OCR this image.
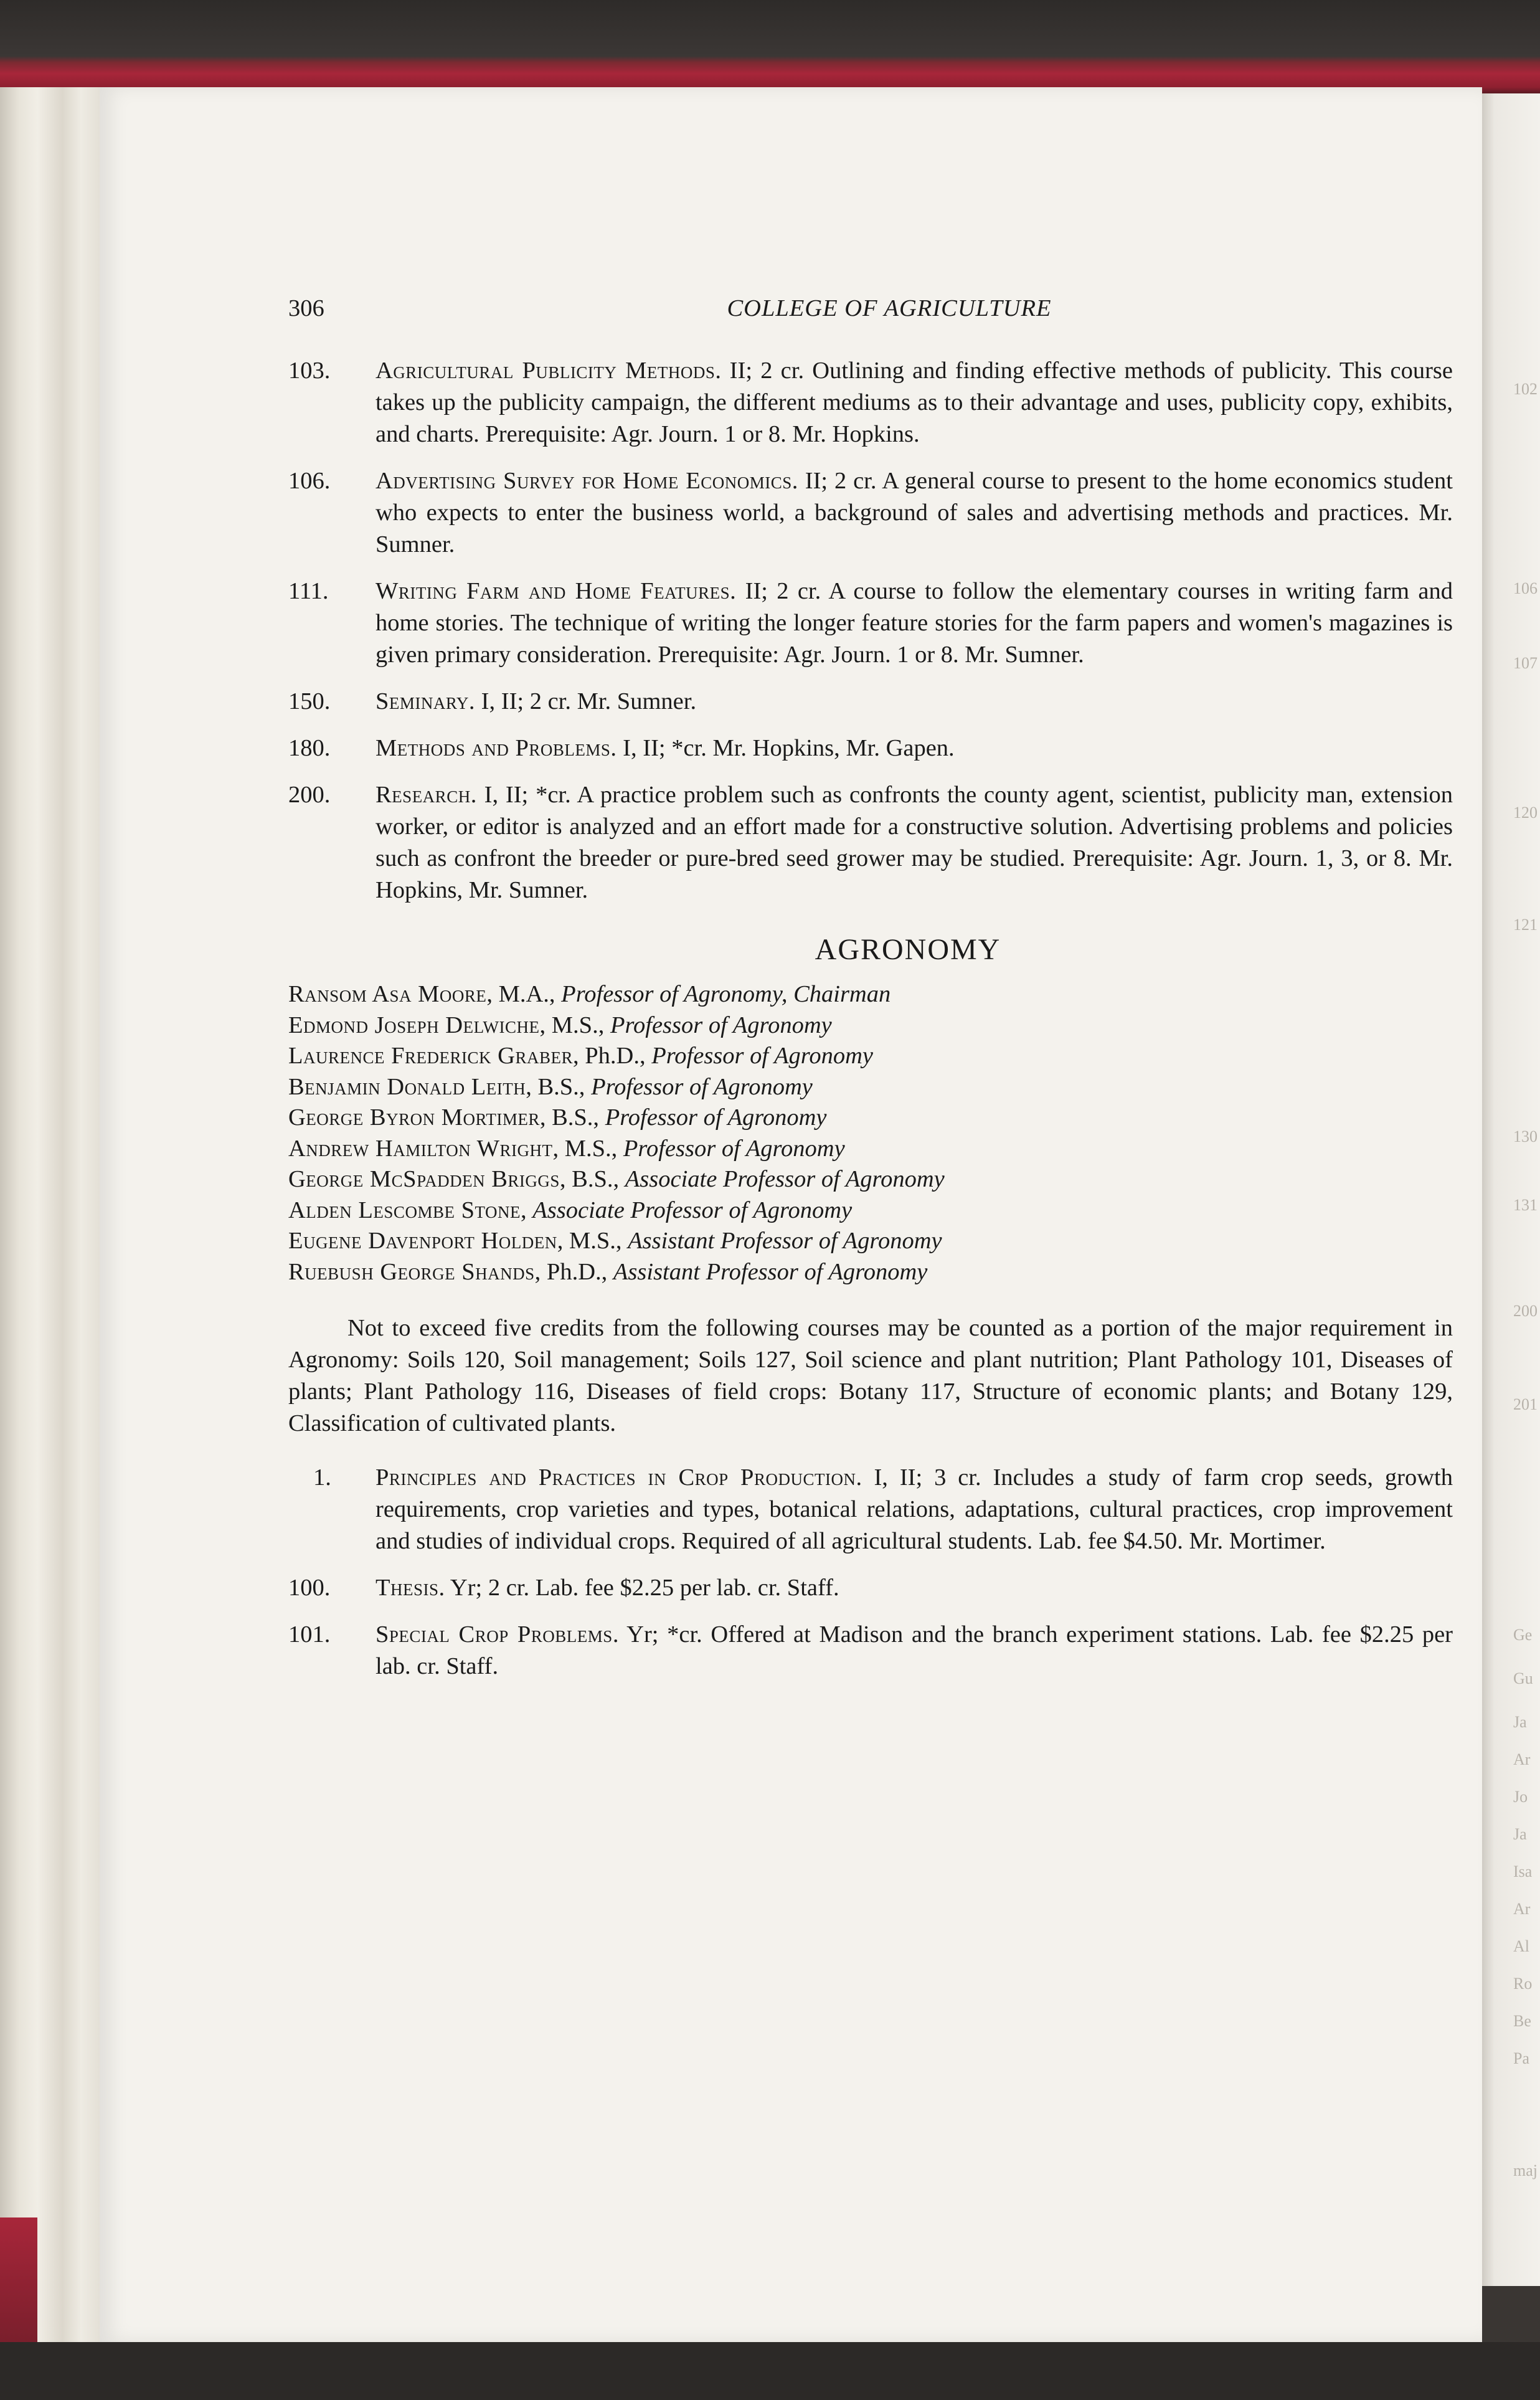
102
106
107
120
121
130
131
200
201
Ge
Gu
Ja
Ar
Jo
Ja
Isa
Ar
Al
Ro
Be
Pa
maj
306	COLLEGE OF AGRICULTURE
103. Agricultural Publicity Methods. II; 2 cr. Outlining and finding effective methods of publicity. This course takes up the publicity campaign, the different mediums as to their advantage and uses, publicity copy, exhibits, and charts. Prerequisite: Agr. Journ. 1 or 8. Mr. Hopkins.
106. Advertising Survey for Home Economics. II; 2 cr. A general course to present to the home economics student who expects to enter the business world, a background of sales and advertising methods and practices. Mr. Sumner.
111. Writing Farm and Home Features. II; 2 cr. A course to follow the elementary courses in writing farm and home stories. The technique of writing the longer feature stories for the farm papers and women's magazines is given primary consideration. Prerequisite: Agr. Journ. 1 or 8. Mr. Sumner.
150. Seminary. I, II; 2 cr. Mr. Sumner.
180. Methods and Problems. I, II; *cr. Mr. Hopkins, Mr. Gapen.
200. Research. I, II; *cr. A practice problem such as confronts the county agent, scientist, publicity man, extension worker, or editor is analyzed and an effort made for a constructive solution. Advertising problems and policies such as confront the breeder or pure-bred seed grower may be studied. Prerequisite: Agr. Journ. 1, 3, or 8. Mr. Hopkins, Mr. Sumner.
AGRONOMY
Ransom Asa Moore, M.A., Professor of Agronomy, Chairman
Edmond Joseph Delwiche, M.S., Professor of Agronomy
Laurence Frederick Graber, Ph.D., Professor of Agronomy
Benjamin Donald Leith, B.S., Professor of Agronomy
George Byron Mortimer, B.S., Professor of Agronomy
Andrew Hamilton Wright, M.S., Professor of Agronomy
George McSpadden Briggs, B.S., Associate Professor of Agronomy
Alden Lescombe Stone, Associate Professor of Agronomy
Eugene Davenport Holden, M.S., Assistant Professor of Agronomy
Ruebush George Shands, Ph.D., Assistant Professor of Agronomy
Not to exceed five credits from the following courses may be counted as a portion of the major requirement in Agronomy: Soils 120, Soil management; Soils 127, Soil science and plant nutrition; Plant Pathology 101, Diseases of plants; Plant Pathology 116, Diseases of field crops: Botany 117, Structure of economic plants; and Botany 129, Classification of cultivated plants.
1. Principles and Practices in Crop Production. I, II; 3 cr. Includes a study of farm crop seeds, growth requirements, crop varieties and types, botanical relations, adaptations, cultural practices, crop improvement and studies of individual crops. Required of all agricultural students. Lab. fee $4.50. Mr. Mortimer.
100. Thesis. Yr; 2 cr. Lab. fee $2.25 per lab. cr. Staff.
101. Special Crop Problems. Yr; *cr. Offered at Madison and the branch experiment stations. Lab. fee $2.25 per lab. cr. Staff.
